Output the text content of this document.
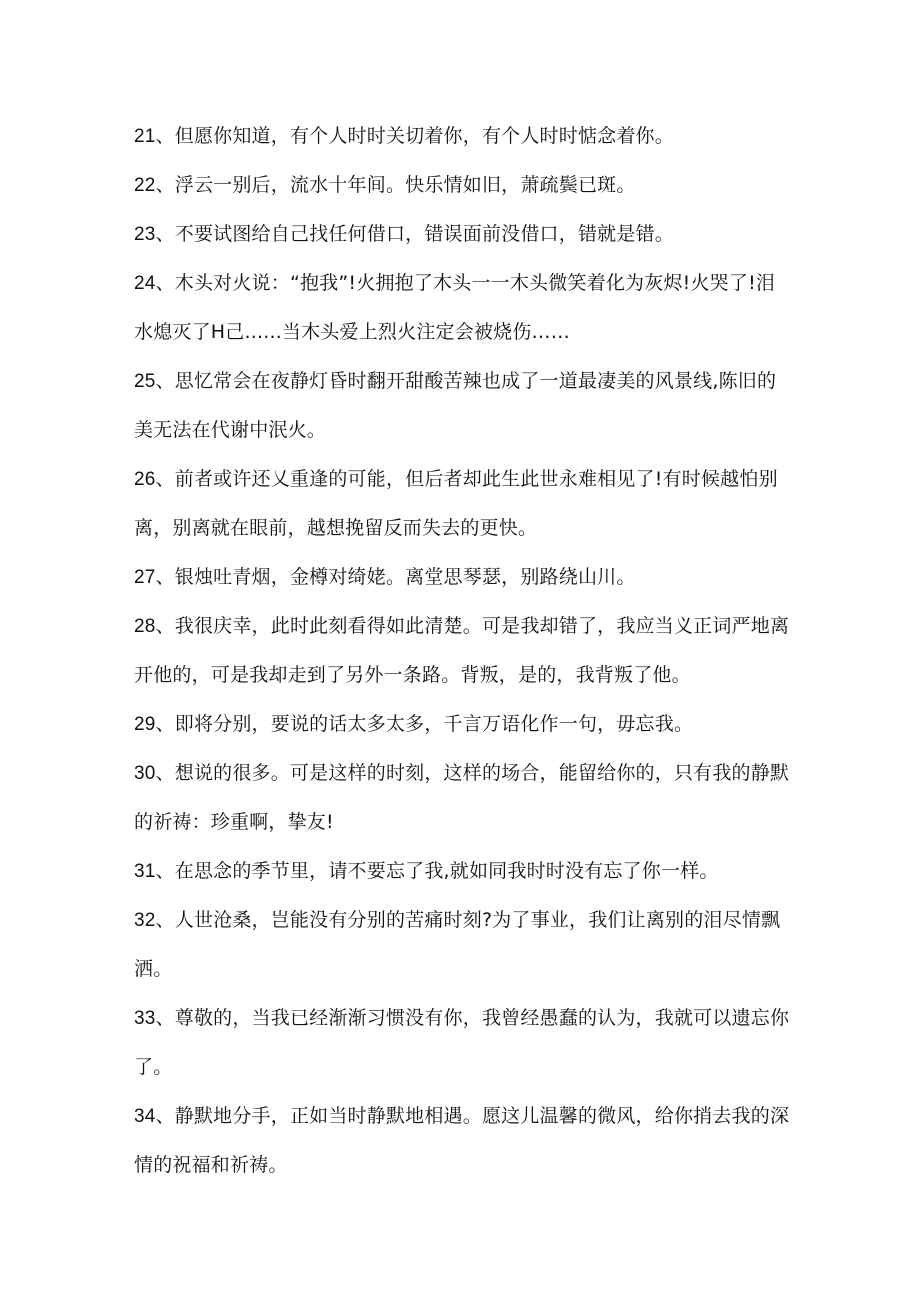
21、但愿你知道，有个人时时关切着你，有个人时时惦念着你。

22、浮云一别后，流水十年间。快乐情如旧，萧疏鬓已斑。

23、不要试图给自己找任何借口，错误面前没借口，错就是错。

24、木头对火说：“抱我”!火拥抱了木头一一木头微笑着化为灰烬!火哭了!泪水熄灭了H己......当木头爱上烈火注定会被烧伤……

25、思忆常会在夜静灯昏时翻开甜酸苦辣也成了一道最凄美的风景线,陈旧的美无法在代谢中泯火。

26、前者或许还乂重逢的可能，但后者却此生此世永难相见了!有时候越怕别离，别离就在眼前，越想挽留反而失去的更快。

27、银烛吐青烟，金樽对绮姥。离堂思琴瑟，别路绕山川。

28、我很庆幸，此时此刻看得如此清楚。可是我却错了，我应当义正词严地离开他的，可是我却走到了另外一条路。背叛，是的，我背叛了他。

29、即将分别，要说的话太多太多，千言万语化作一句，毋忘我。

30、想说的很多。可是这样的时刻，这样的场合，能留给你的，只有我的静默的祈祷：珍重啊，挚友!

31、在思念的季节里，请不要忘了我,就如同我时时没有忘了你一样。

32、人世沧桑，岂能没有分别的苦痛时刻?为了事业，我们让离别的泪尽情飘洒。

33、尊敬的，当我已经渐渐习惯没有你，我曾经愚蠢的认为，我就可以遗忘你了。

34、静默地分手，正如当时静默地相遇。愿这儿温馨的微风，给你捎去我的深情的祝福和祈祷。
